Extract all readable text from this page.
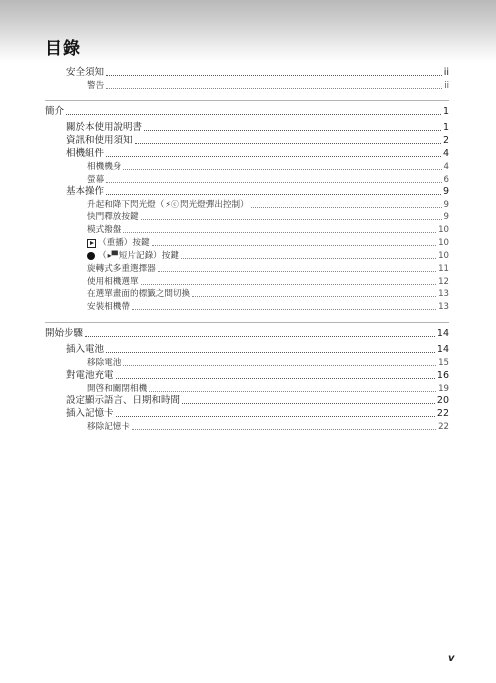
目錄
安全須知	ii
警告	ii
簡介	1
關於本使用說明書	1
資訊和使用須知	2
相機組件	4
相機機身	4
螢幕	6
基本操作	9
升起和降下閃光燈（ ⚡ⓒ 閃光燈彈出控制）	9
快門釋放按鍵	9
模式撥盤	10
（重播）按鍵	10
（ ▸▀ 短片記錄）按鍵	10
旋轉式多重選擇器	11
使用相機選單	12
在選單畫面的標籤之間切換	13
安裝相機帶	13
開始步驟	14
插入電池	14
移除電池	15
對電池充電	16
開啓和關閉相機	19
設定顯示語言、日期和時間	20
插入記憶卡	22
移除記憶卡	22
v
